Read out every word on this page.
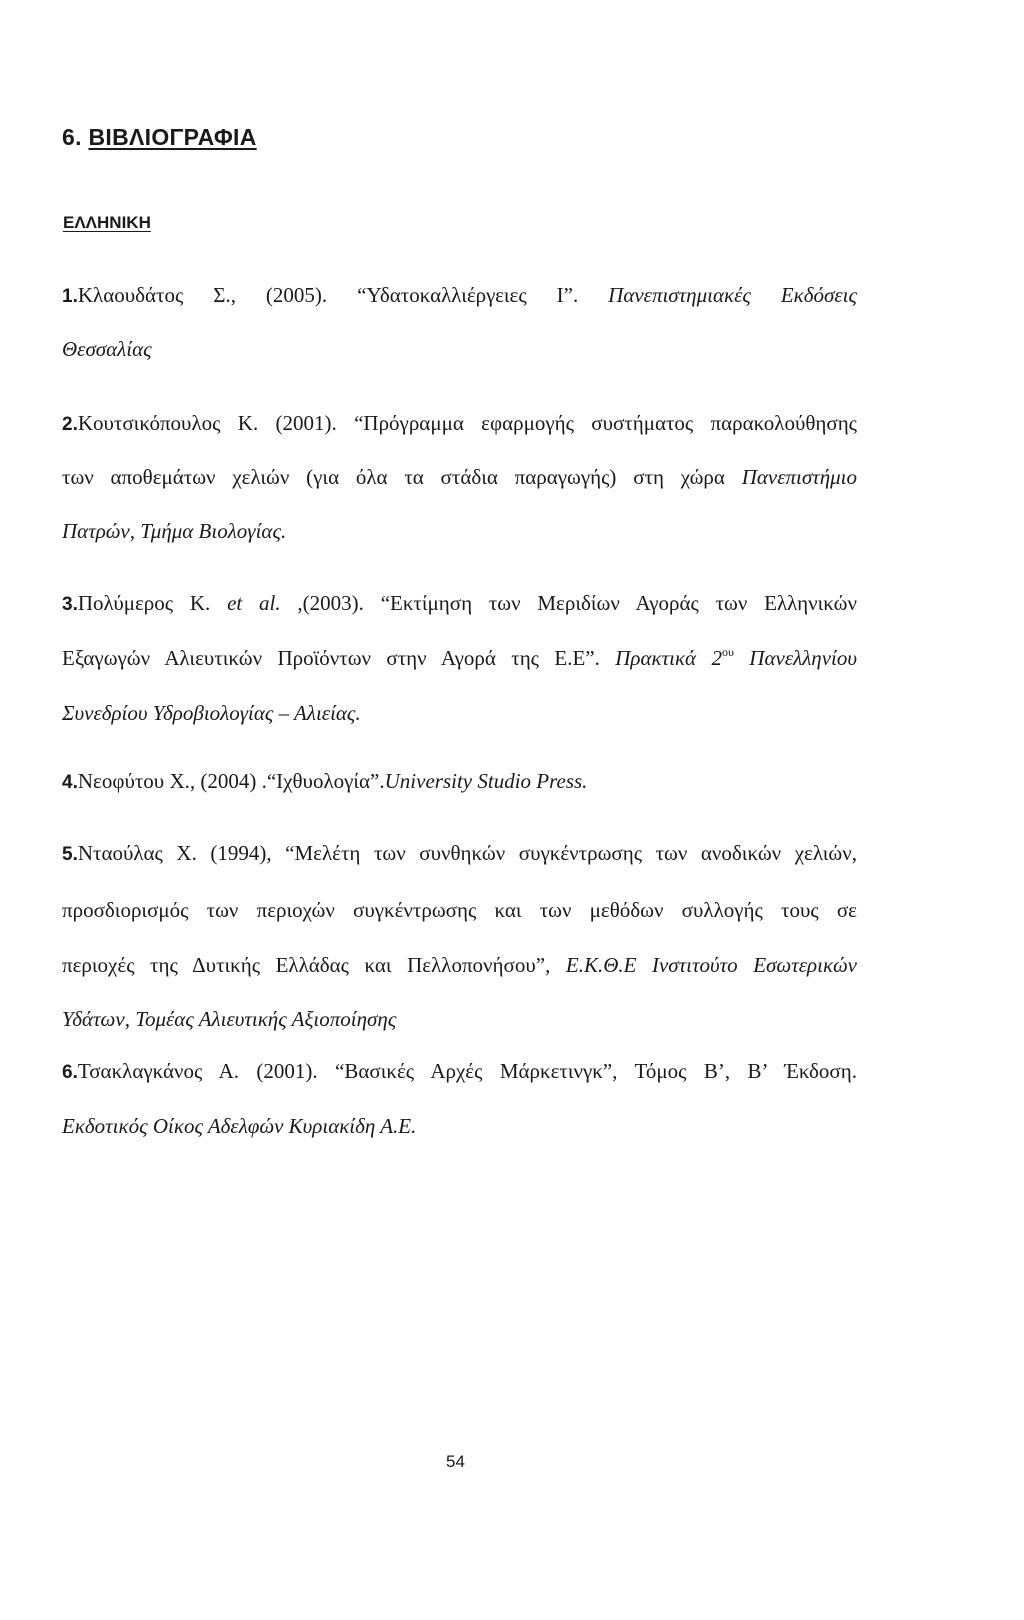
6. ΒΙΒΛΙΟΓΡΑΦΙΑ
ΕΛΛΗΝΙΚΗ
1.Κλαουδάτος Σ., (2005). “Υδατοκαλλιέργειες Ι”. Πανεπιστημιακές Εκδόσεις
Θεσσαλίας
2.Κουτσικόπουλος Κ. (2001). “Πρόγραμμα εφαρμογής συστήματος παρακολούθησης
των αποθεμάτων χελιών (για όλα τα στάδια παραγωγής) στη χώρα Πανεπιστήμιο
Πατρών, Τμήμα Βιολογίας.
3.Πολύμερος Κ. et al. ,(2003). “Εκτίμηση των Μεριδίων Αγοράς των Ελληνικών
Εξαγωγών Αλιευτικών Προϊόντων στην Αγορά της Ε.Ε”. Πρακτικά $2^{o\upsilon}$ Πανελληνίου
Συνεδρίου Υδροβιολογίας – Αλιείας.
4.Νεοφύτου Χ., (2004) .“Ιχθυολογία”.University Studio Press.
5.Νταούλας Χ. (1994), “Μελέτη των συνθηκών συγκέντρωσης των ανοδικών χελιών,
προσδιορισμός των περιοχών συγκέντρωσης και των μεθόδων συλλογής τους σε
περιοχές της Δυτικής Ελλάδας και Πελλοπονήσου”, Ε.Κ.Θ.Ε Ινστιτούτο Εσωτερικών
Υδάτων, Τομέας Αλιευτικής Αξιοποίησης
6.Τσακλαγκάνος Α. (2001). “Βασικές Αρχές Μάρκετινγκ”, Τόμος Β’, Β’ Έκδοση.
Εκδοτικός Οίκος Αδελφών Κυριακίδη Α.Ε.
54
